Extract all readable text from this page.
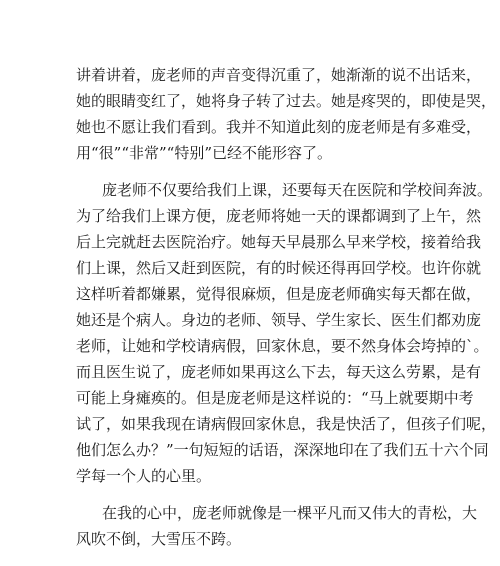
讲着讲着，庞老师的声音变得沉重了，她渐渐的说不出话来，
她的眼睛变红了，她将身子转了过去。她是疼哭的，即使是哭，
她也不愿让我们看到。我并不知道此刻的庞老师是有多难受，
用“很”“非常”“特别”已经不能形容了。
庞老师不仅要给我们上课，还要每天在医院和学校间奔波。
为了给我们上课方便，庞老师将她一天的课都调到了上午，然
后上完就赶去医院治疗。她每天早晨那么早来学校，接着给我
们上课，然后又赶到医院，有的时候还得再回学校。也许你就
这样听着都嫌累，觉得很麻烦，但是庞老师确实每天都在做，
她还是个病人。身边的老师、领导、学生家长、医生们都劝庞
老师，让她和学校请病假，回家休息，要不然身体会垮掉的`。
而且医生说了，庞老师如果再这么下去，每天这么劳累，是有
可能上身瘫痪的。但是庞老师是这样说的：“马上就要期中考
试了，如果我现在请病假回家休息，我是快活了，但孩子们呢，
他们怎么办？”一句短短的话语，深深地印在了我们五十六个同
学每一个人的心里。
在我的心中，庞老师就像是一棵平凡而又伟大的青松，大
风吹不倒，大雪压不跨。
